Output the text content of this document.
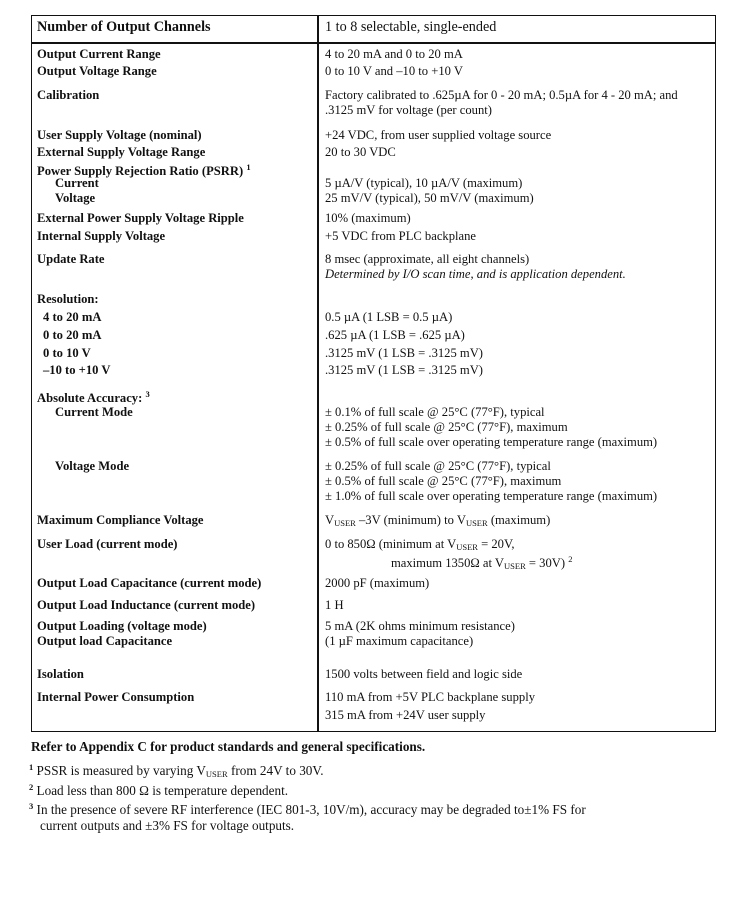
Number of Output Channels	1 to 8 selectable, single-ended
Output Current Range	4 to 20 mA and 0 to 20 mA
Output Voltage Range	0 to 10 V and –10 to +10 V
Calibration	Factory calibrated to .625µA for 0 - 20 mA; 0.5µA for 4 - 20 mA; and
.3125 mV for voltage (per count)
User Supply Voltage (nominal)	+24 VDC, from user supplied voltage source
External Supply Voltage Range	20 to 30 VDC
Power Supply Rejection Ratio (PSRR) $^1$
Current	5 µA/V (typical), 10 µA/V (maximum)
Voltage	25 mV/V (typical), 50 mV/V (maximum)
External Power Supply Voltage Ripple	10% (maximum)
Internal Supply Voltage	+5 VDC from PLC backplane
Update Rate	8 msec (approximate, all eight channels)
Determined by I/O scan time, and is application dependent.
Resolution:
4 to 20 mA	0.5 µA (1 LSB = 0.5 µA)
0 to 20 mA	.625 µA (1 LSB = .625 µA)
0 to 10 V	.3125 mV (1 LSB = .3125 mV)
–10 to +10 V	.3125 mV (1 LSB = .3125 mV)
Absolute Accuracy: $^3$
Current Mode	± 0.1% of full scale @ 25°C (77°F), typical
± 0.25% of full scale @ 25°C (77°F), maximum
± 0.5% of full scale over operating temperature range (maximum)
Voltage Mode	± 0.25% of full scale @ 25°C (77°F), typical
± 0.5% of full scale @ 25°C (77°F), maximum
± 1.0% of full scale over operating temperature range (maximum)
Maximum Compliance Voltage	$V_{USER}$ –3V (minimum) to $V_{USER}$ (maximum)
User Load (current mode)	0 to 850Ω (minimum at $V_{USER} = 20V$,
maximum 1350Ω at $V_{USER} = 30V$) $^2$
Output Load Capacitance (current mode)	2000 pF (maximum)
Output Load Inductance (current mode)	1 H
Output Loading (voltage mode)	5 mA (2K ohms minimum resistance)
Output load Capacitance	(1 µF maximum capacitance)
Isolation	1500 volts between field and logic side
Internal Power Consumption	110 mA from +5V PLC backplane supply
315 mA from +24V user supply
Refer to Appendix C for product standards and general specifications.
$^1$ PSSR is measured by varying $V_{USER}$ from 24V to 30V.
$^2$ Load less than 800 Ω is temperature dependent.
$^3$ In the presence of severe RF interference (IEC 801-3, 10V/m), accuracy may be degraded to±1% FS for
current outputs and ±3% FS for voltage outputs.
